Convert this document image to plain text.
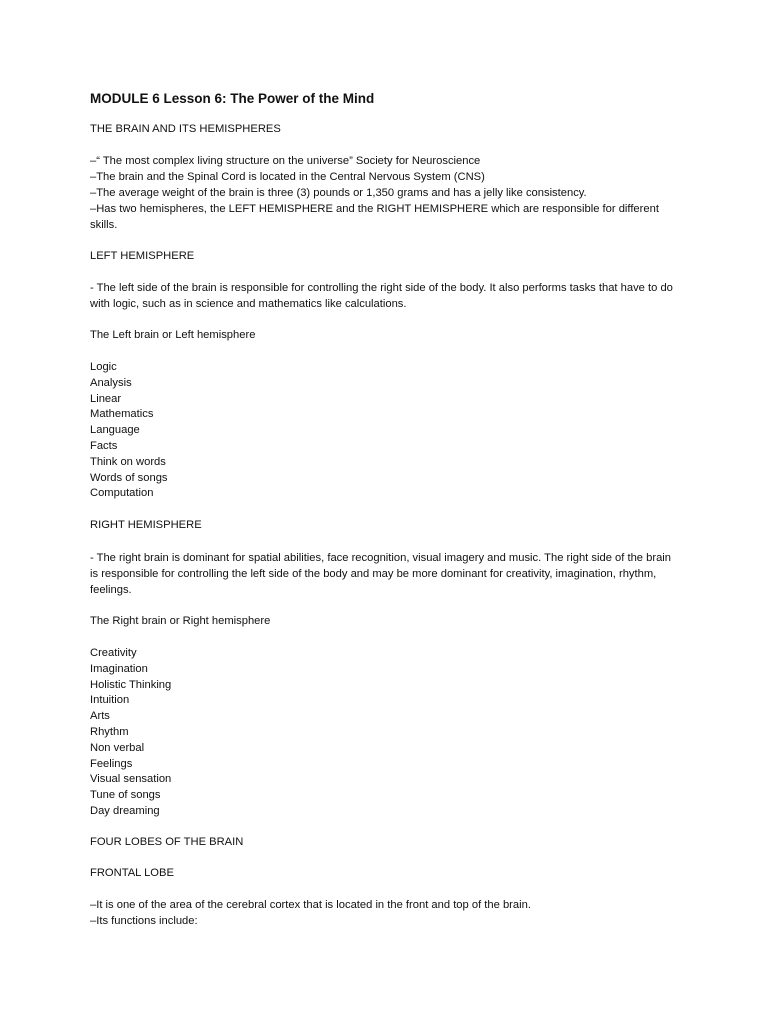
MODULE 6 Lesson 6: The Power of the Mind
THE BRAIN AND ITS HEMISPHERES
–“ The most complex living structure on the universe” Society for Neuroscience
–The brain and the Spinal Cord is located in the Central Nervous System (CNS)
–The average weight of the brain is three (3) pounds or 1,350 grams and has a jelly like consistency.
–Has two hemispheres, the LEFT HEMISPHERE and the RIGHT HEMISPHERE which are responsible for different skills.
LEFT HEMISPHERE
- The left side of the brain is responsible for controlling the right side of the body. It also performs tasks that have to do with logic, such as in science and mathematics like calculations.
The Left brain or Left hemisphere
Logic
Analysis
Linear
Mathematics
Language
Facts
Think on words
Words of songs
Computation
RIGHT HEMISPHERE
- The right brain is dominant for spatial abilities, face recognition, visual imagery and music. The right side of the brain is responsible for controlling the left side of the body and may be more dominant for creativity, imagination, rhythm, feelings.
The Right brain or Right hemisphere
Creativity
Imagination
Holistic Thinking
Intuition
Arts
Rhythm
Non verbal
Feelings
Visual sensation
Tune of songs
Day dreaming
FOUR LOBES OF THE BRAIN
FRONTAL LOBE
–It is one of the area of the cerebral cortex that is located in the front and top of the brain.
–Its functions include:
